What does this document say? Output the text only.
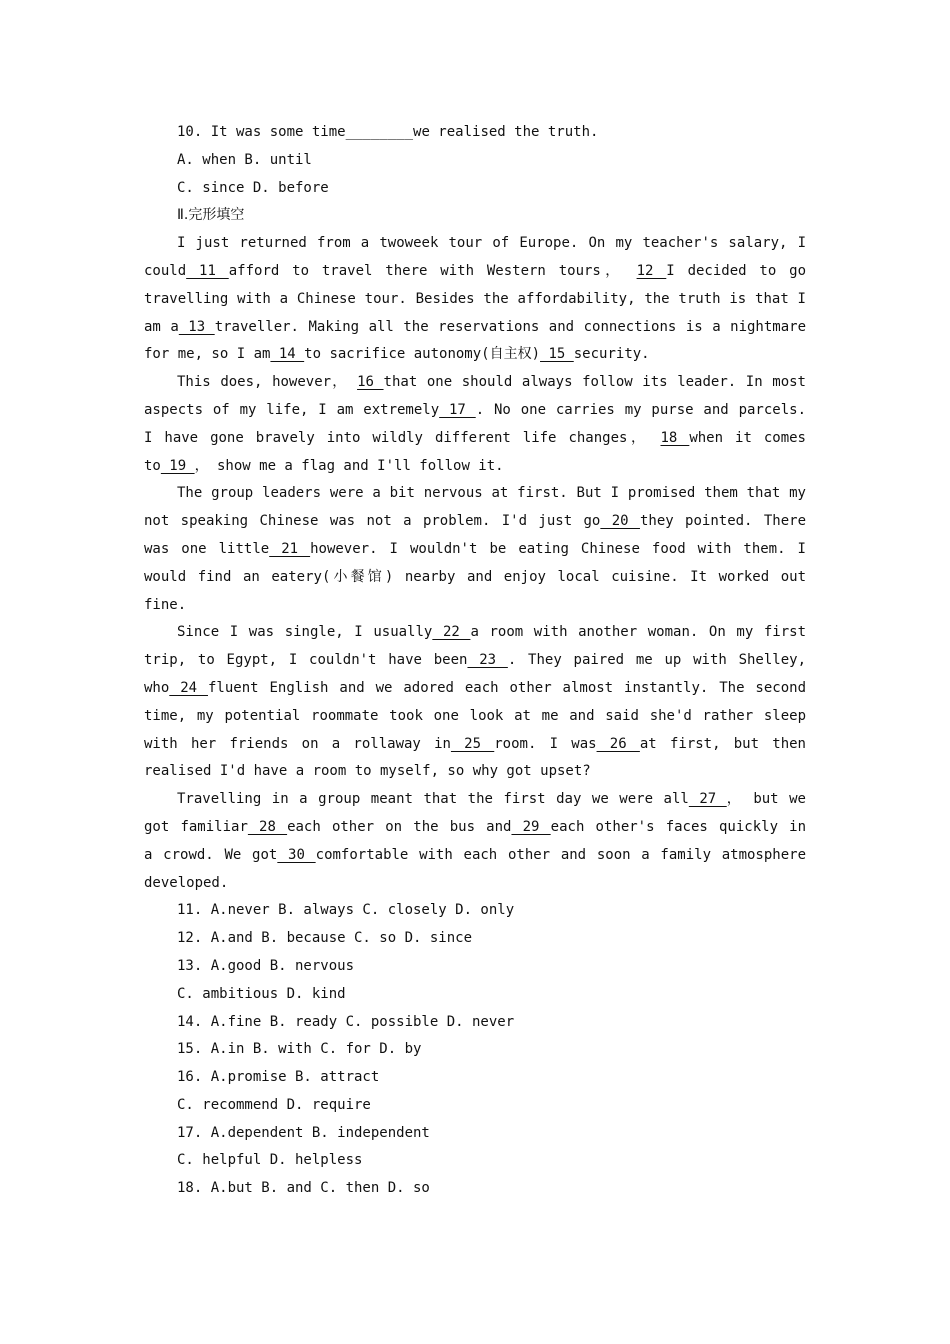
10. It was some time________we realised the truth.
A. when B. until
C. since D. before
Ⅱ.完形填空
I just returned from a twoweek tour of Europe. On my teacher's salary, I
could 11 afford to travel there with Western tours， 12 I decided to go
travelling with a Chinese tour. Besides the affordability, the truth is that I
am a 13 traveller. Making all the reservations and connections is a nightmare
for me, so I am 14 to sacrifice autonomy(自主权) 15 security.
This does, however， 16 that one should always follow its leader. In most
aspects of my life, I am extremely 17 . No one carries my purse and parcels.
I have gone bravely into wildly different life changes， 18 when it comes
to 19 ， show me a flag and I'll follow it.
The group leaders were a bit nervous at first. But I promised them that my
not speaking Chinese was not a problem. I'd just go 20 they pointed. There
was one little 21 however. I wouldn't be eating Chinese food with them. I
would find an eatery(小餐馆) nearby and enjoy local cuisine. It worked out
fine.
Since I was single, I usually 22 a room with another woman. On my first
trip, to Egypt, I couldn't have been 23 . They paired me up with Shelley,
who 24 fluent English and we adored each other almost instantly. The second
time, my potential roommate took one look at me and said she'd rather sleep
with her friends on a rollaway in 25 room. I was 26 at first, but then
realised I'd have a room to myself, so why got upset?
Travelling in a group meant that the first day we were all 27 ， but we
got familiar 28 each other on the bus and 29 each other's faces quickly in
a crowd. We got 30 comfortable with each other and soon a family atmosphere
developed.
11. A.never B. always C. closely D. only
12. A.and B. because C. so D. since
13. A.good B. nervous
C. ambitious D. kind
14. A.fine B. ready C. possible D. never
15. A.in B. with C. for D. by
16. A.promise B. attract
C. recommend D. require
17. A.dependent B. independent
C. helpful D. helpless
18. A.but B. and C. then D. so
